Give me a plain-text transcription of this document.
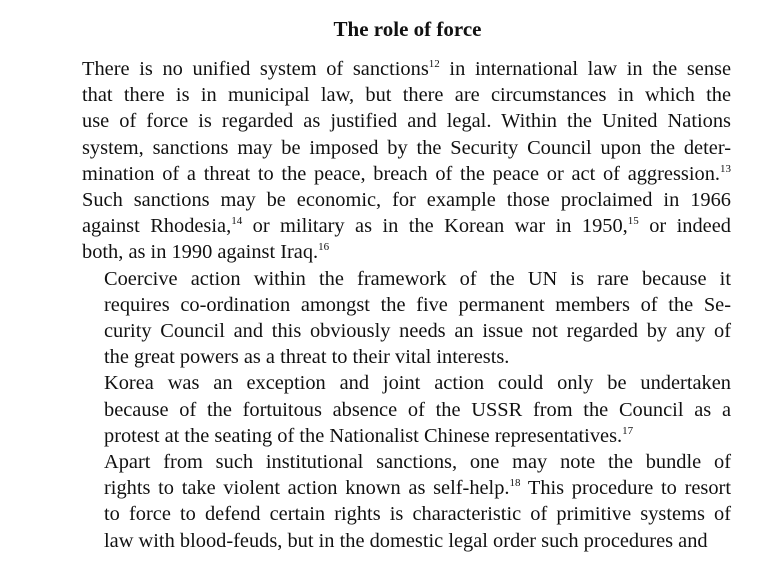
The role of force

There is no unified system of sanctions$^{12}$ in international law in the sense
that there is in municipal law, but there are circumstances in which the
use of force is regarded as justified and legal. Within the United Nations
system, sanctions may be imposed by the Security Council upon the deter-
mination of a threat to the peace, breach of the peace or act of aggression.$^{13}$
Such sanctions may be economic, for example those proclaimed in 1966
against Rhodesia,$^{14}$ or military as in the Korean war in 1950,15 or indeed
both, as in 1990 against Iraq.$^{16}$

Coercive action within the framework of the UN is rare because it
requires co-ordination amongst the five permanent members of the Se-
curity Council and this obviously needs an issue not regarded by any of
the great powers as a threat to their vital interests.

Korea was an exception and joint action could only be undertaken
because of the fortuitous absence of the USSR from the Council as a
protest at the seating of the Nationalist Chinese representatives.$^{17}$

Apart from such institutional sanctions, one may note the bundle of
rights to take violent action known as self-help.$^{18}$ This procedure to resort
to force to defend certain rights is characteristic of primitive systems of
law with blood-feuds, but in the domestic legal order such procedures and
